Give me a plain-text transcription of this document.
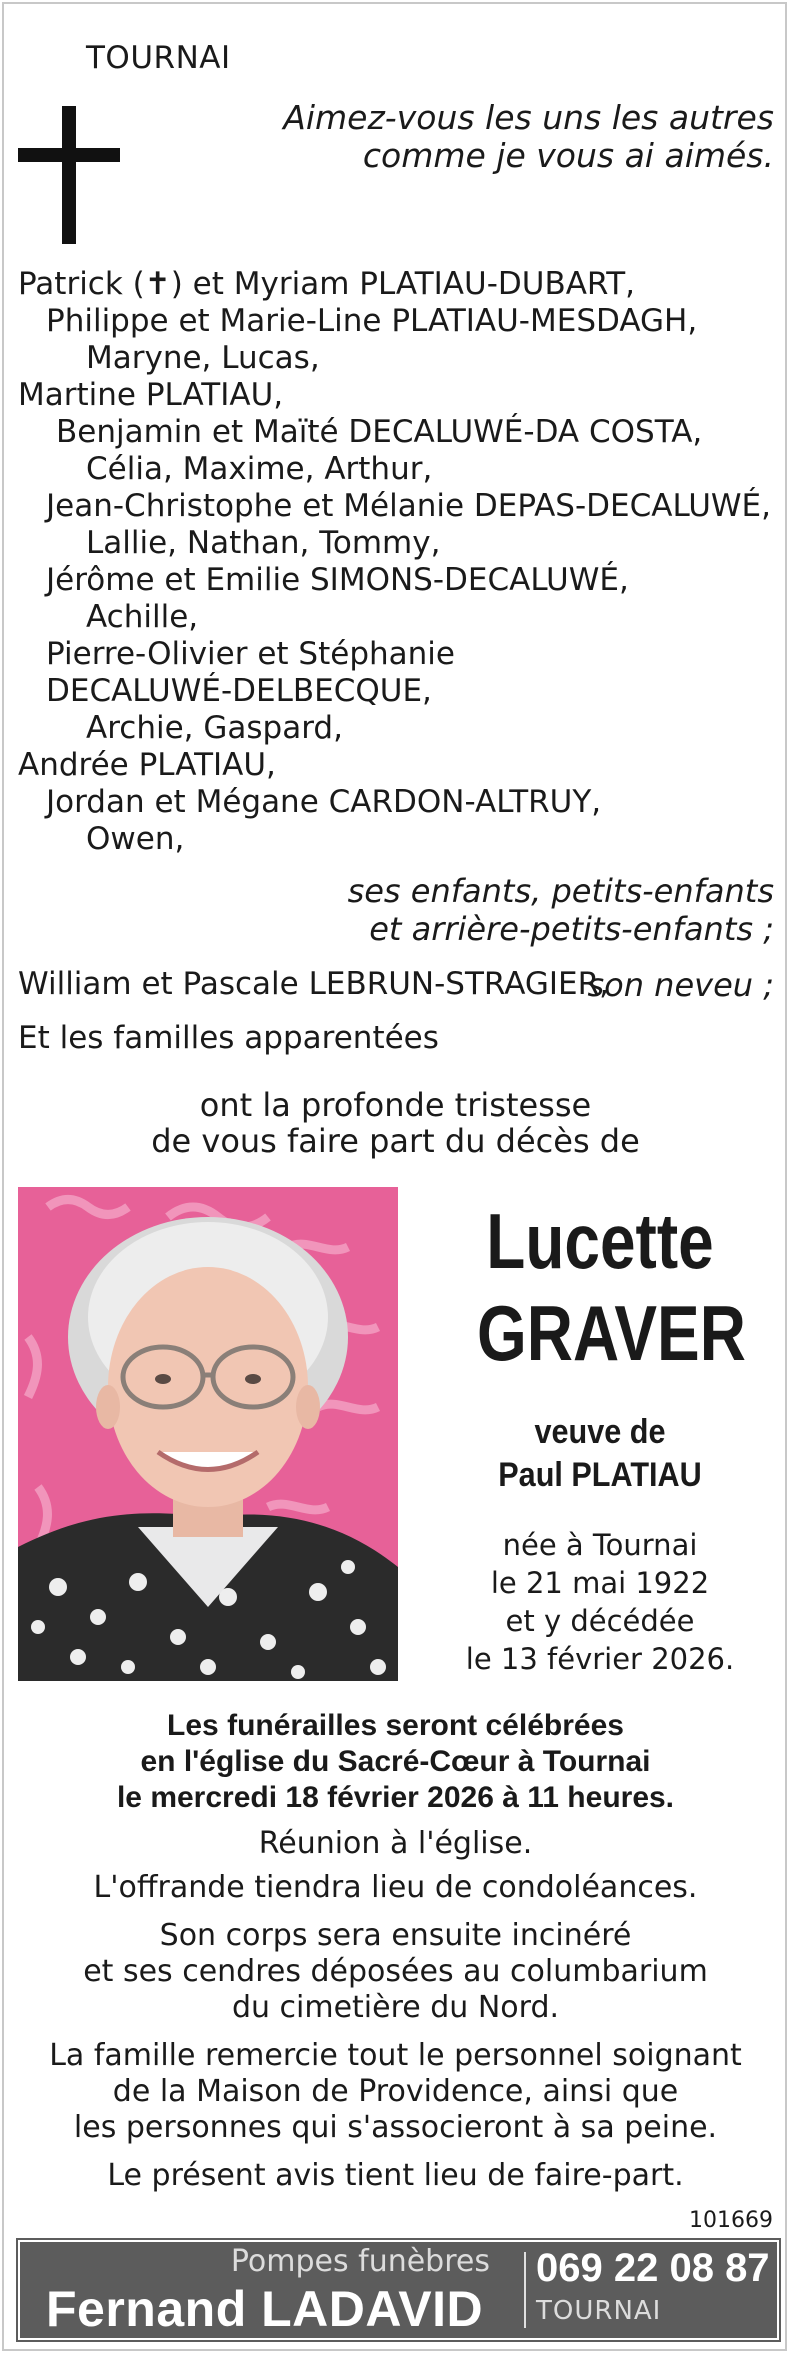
TOURNAI
Aimez-vous les uns les autres
comme je vous ai aimés.
Patrick (✝) et Myriam PLATIAU-DUBART,
Philippe et Marie-Line PLATIAU-MESDAGH,
Maryne, Lucas,
Martine PLATIAU,
Benjamin et Maïté DECALUWÉ-DA COSTA,
Célia, Maxime, Arthur,
Jean-Christophe et Mélanie DEPAS-DECALUWÉ,
Lallie, Nathan, Tommy,
Jérôme et Emilie SIMONS-DECALUWÉ,
Achille,
Pierre-Olivier et Stéphanie
DECALUWÉ-DELBECQUE,
Archie, Gaspard,
Andrée PLATIAU,
Jordan et Mégane CARDON-ALTRUY,
Owen,
ses enfants, petits-enfants
et arrière-petits-enfants ;
William et Pascale LEBRUN-STRAGIER,
son neveu ;
Et les familles apparentées
ont la profonde tristesse
de vous faire part du décès de
Lucette
GRAVER
veuve de
Paul PLATIAU
née à Tournai
le 21 mai 1922
et y décédée
le 13 février 2026.
Les funérailles seront célébrées
en l'église du Sacré-Cœur à Tournai
le mercredi 18 février 2026 à 11 heures.
Réunion à l'église.
L'offrande tiendra lieu de condoléances.
Son corps sera ensuite incinéré
et ses cendres déposées au columbarium
du cimetière du Nord.
La famille remercie tout le personnel soignant
de la Maison de Providence, ainsi que
les personnes qui s'associeront à sa peine.
Le présent avis tient lieu de faire-part.
101669
Pompes funèbres
Fernand LADAVID
069 22 08 87
TOURNAI
